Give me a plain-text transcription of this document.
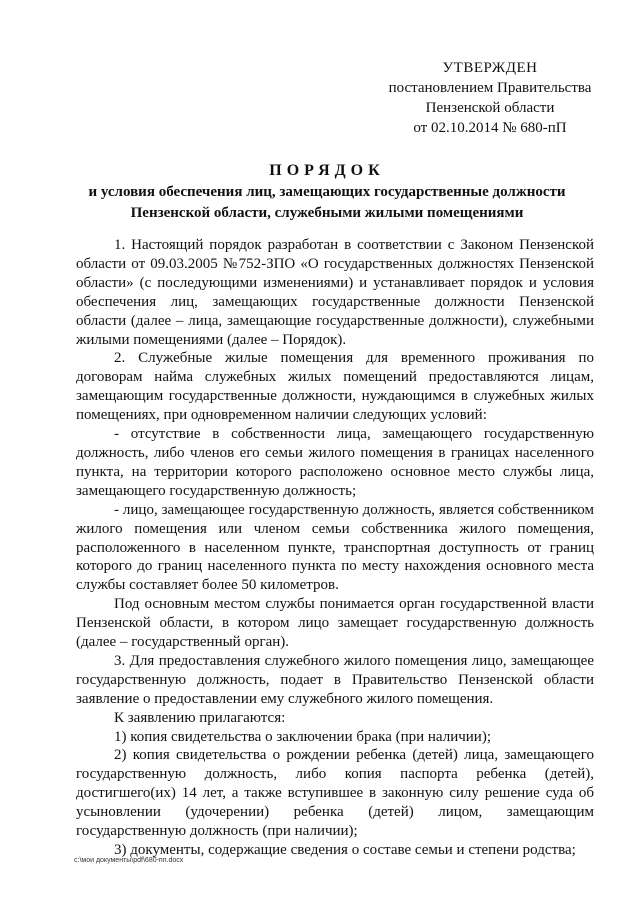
УТВЕРЖДЕН
постановлением Правительства
Пензенской области
от 02.10.2014 № 680-пП
ПОРЯДОК
и условия обеспечения лиц, замещающих государственные должности
Пензенской области, служебными жилыми помещениями

1. Настоящий порядок разработан в соответствии с Законом Пензенской области от 09.03.2005 №752-ЗПО «О государственных должностях Пензенской области» (с последующими изменениями) и устанавливает порядок и условия обеспечения лиц, замещающих государственные должности Пензенской области (далее – лица, замещающие государственные должности), служебными жилыми помещениями (далее – Порядок).

2. Служебные жилые помещения для временного проживания по договорам найма служебных жилых помещений предоставляются лицам, замещающим государственные должности, нуждающимся в служебных жилых помещениях, при одновременном наличии следующих условий:

- отсутствие в собственности лица, замещающего государственную должность, либо членов его семьи жилого помещения в границах населенного пункта, на территории которого расположено основное место службы лица, замещающего государственную должность;

- лицо, замещающее государственную должность, является собственником жилого помещения или членом семьи собственника жилого помещения, расположенного в населенном пункте, транспортная доступность от границ которого до границ населенного пункта по месту нахождения основного места службы составляет более 50 километров.

Под основным местом службы понимается орган государственной власти Пензенской области, в котором лицо замещает государственную должность (далее – государственный орган).

3. Для предоставления служебного жилого помещения лицо, замещающее государственную должность, подает в Правительство Пензенской области заявление о предоставлении ему служебного жилого помещения.

К заявлению прилагаются:

1) копия свидетельства о заключении брака (при наличии);

2) копия свидетельства о рождении ребенка (детей) лица, замещающего государственную должность, либо копия паспорта ребенка (детей), достигшего(их) 14 лет, а также вступившее в законную силу решение суда об усыновлении (удочерении) ребенка (детей) лицом, замещающим государственную должность (при наличии);

3) документы, содержащие сведения о составе семьи и степени родства;

c:\мои документы\pdf\680-пп.docx
